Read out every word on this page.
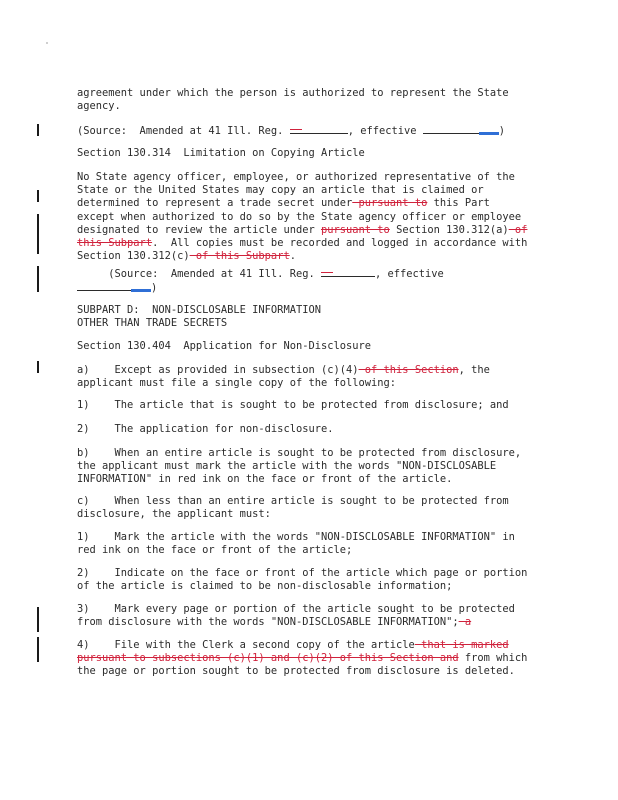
agreement under which the person is authorized to represent the State
agency.
(Source:  Amended at 41 Ill. Reg.	, effective	)
Section 130.314  Limitation on Copying Article
No State agency officer, employee, or authorized representative of the
State or the United States may copy an article that is claimed or
determined to represent a trade secret under pursuant to this Part
except when authorized to do so by the State agency officer or employee
designated to review the article under pursuant to Section 130.312(a) of
this Subpart.  All copies must be recorded and logged in accordance with
Section 130.312(c) of this Subpart.
(Source:  Amended at 41 Ill. Reg.	, effective

)
SUBPART D:  NON-DISCLOSABLE INFORMATION
OTHER THAN TRADE SECRETS
Section 130.404  Application for Non-Disclosure
a)    Except as provided in subsection (c)(4) of this Section, the
applicant must file a single copy of the following:
1)    The article that is sought to be protected from disclosure; and
2)    The application for non-disclosure.
b)    When an entire article is sought to be protected from disclosure,
the applicant must mark the article with the words "NON-DISCLOSABLE
INFORMATION" in red ink on the face or front of the article.
c)    When less than an entire article is sought to be protected from
disclosure, the applicant must:
1)    Mark the article with the words "NON-DISCLOSABLE INFORMATION" in
red ink on the face or front of the article;
2)    Indicate on the face or front of the article which page or portion
of the article is claimed to be non-disclosable information;
3)    Mark every page or portion of the article sought to be protected
from disclosure with the words "NON-DISCLOSABLE INFORMATION"; a
4)    File with the Clerk a second copy of the article that is marked
pursuant to subsections (c)(1) and (c)(2) of this Section and from which
the page or portion sought to be protected from disclosure is deleted.
